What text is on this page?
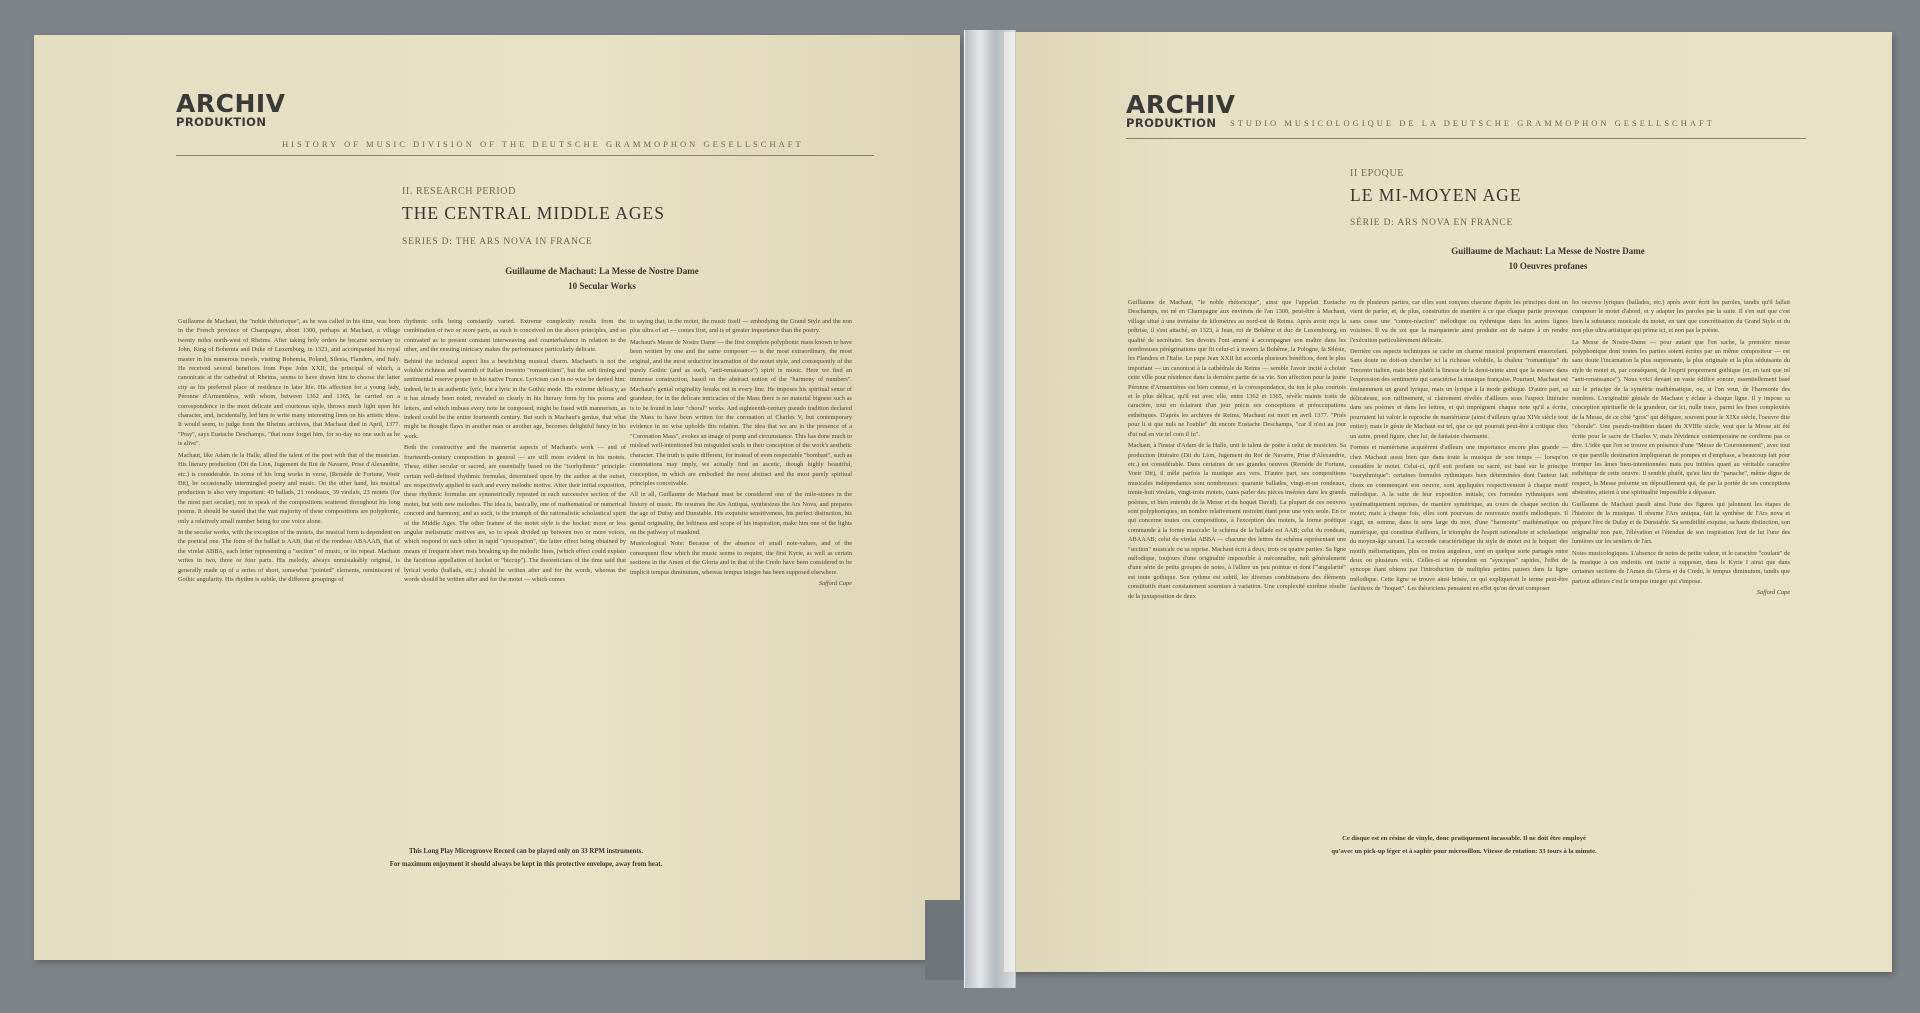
ARCHIV
PRODUKTION
HISTORY OF MUSIC DIVISION OF THE DEUTSCHE GRAMMOPHON GESELLSCHAFT
II. RESEARCH PERIOD
THE CENTRAL MIDDLE AGES
SERIES D: THE ARS NOVA IN FRANCE
Guillaume de Machaut: La Messe de Nostre Dame
10 Secular Works

Guillaume de Machaut, the "noble rhétoricque", as he was called in his time, was born in the French province of Champagne, about 1300, perhaps at Machaut, a village twenty miles north-west of Rheims. After taking holy orders he became secretary to John, King of Bohemia and Duke of Luxemburg, in 1323, and accompanied his royal master in his numerous travels, visiting Bohemia, Poland, Silesia, Flanders, and Italy. He received several benefices from Pope John XXII, the principal of which, a canonicate at the cathedral of Rheims, seems to have drawn him to choose the latter city as his preferred place of residence in later life. His affection for a young lady, Péronne d'Armentières, with whom, between 1362 and 1365, he carried on a correspondence in the most delicate and courteous style, throws much light upon his character, and, incidentally, led him to write many interesting lines on his artistic ideas. It would seem, to judge from the Rheims archives, that Machaut died in April, 1377. "Pray", says Eustache Deschamps, "that none forget him, for so-day no one such as he is alive".

Machaut, like Adam de la Halle, allied the talent of the poet with that of the musician. His literary production (Dit du Lion, Jugement du Roi de Navarre, Prise d'Alexandrie, etc.) is considerable. In some of his long works in verse, (Remède de Fortune, Voeir Dit), he occasionally intermingled poetry and music. On the other hand, his musical production is also very important: 40 ballads, 21 rondeaux, 39 virelais, 23 motets (for the most part secular), not to speak of the compositions scattered throughout his long poems. It should be stated that the vast majority of these compositions are polyphonic, only a relatively small number being for one voice alone.

In the secular works, with the exception of the motets, the musical form is dependent on the poetical one. The form of the ballad is AAB, that of the rondeau ABAAAB, that of the virelai ABBA, each letter representing a "section" of music, or its repeat. Machaut writes in two, three or four parts. His melody, always unmistakably original, is generally made up of a series of short, somewhat "pointed" elements, reminiscent of Gothic angularity. His rhythm is subtle, the different groupings of

rhythmic cells being constantly varied. Extreme complexity results from the combination of two or more parts, as each is conceived on the above principles, and so contrasted as to present constant interweaving and counterbalance in relation to the other, and the ensuing intricacy makes the performance particularly delicate.

Behind the technical aspect lies a bewitching musical charm. Machaut's is not the voluble richness and warmth of Italian trecento "romanticism", but the soft timing and sentimental reserve proper to his native France. Lyricism can in no wise be denied him: indeed, he is an authentic lyric, but a lyric in the Gothic mode. His extreme delicacy, as it has already been noted, revealed so clearly in his literary form by his poems and letters, and which imbues every note he composed, might be fused with mannerism, as indeed could be the entire fourteenth century. But such is Machaut's genius, that what might be thought flaws in another man or another age, becomes delightful fancy in his work.

Both the constructive and the mannerist aspects of Machaut's work — and of fourteenth-century composition in general — are still more evident in his motets. These, either secular or sacred, are essentially based on the "isorhythmic" principle: certain well-defined rhythmic formulas, determined upon by the author at the outset, are respectively applied to each and every melodic motive. After their initial exposition, these rhythmic formulas are symmetrically repeated in each successive section of the motet, but with new melodies. The idea is, basically, one of mathematical or numerical concord and harmony, and as such, is the triumph of the rationalistic scholastical spirit of the Middle Ages. The other feature of the motet style is the hocket: more or less angular melismatic motives are, so to speak divided up between two or more voices, which respond to each other in rapid "syncopation", the latter effect being obtained by means of frequent short rests breaking up the melodic lines, (which effect could explain the facetious appellation of hocket or "hiccup"). The theoreticians of the time said that lyrical works (ballads, etc.) should be written after and for the words, whereas the words should be written after and for the motet — which comes

to saying that, in the motet, the music itself — embodying the Grand Style and the non plus ultra of art — comes first, and is of greater importance than the poetry.

Machaut's Messe de Nostre Dame — the first complete polyphonic mass known to have been written by one and the same composer — is the most extraordinary, the most original, and the most seductive incarnation of the motet style, and consequently of the purely Gothic (and as such, "anti-renaissance") spirit in music. Here we find an immense construction, based on the abstract notion of the "harmony of numbers". Machaut's genial originality breaks out in every line. He imposes his spiritual sense of grandeur, for in the delicate intricacies of the Mass there is no material bigness such as is to be found in later "choral" works. And eighteenth-century pseudo tradition declared the Mass to have been written for the coronation of Charles V, but contemporary evidence in no wise upholds this relation. The idea that we are in the presence of a "Coronation Mass", evokes an image of pomp and circumstance. This has done much to mislead well-intentioned but misguided souls in their conception of the work's aesthetic character. The truth is quite different, for instead of even respectable "bombast", such as connotations may imply, we actually find an ascetic, though highly beautiful, conception, in which are embodied the most abstract and the most purely spiritual principles conceivable.

All in all, Guillaume de Machaut must be considered one of the mile-stones in the history of music. He resumes the Ars Antiqua, synthesizes the Ars Nova, and prepares the age of Dufay and Dunstable. His exquisite sensitiveness, his perfect distinction, his genial originality, the loftiness and scope of his inspiration, make him one of the lights on the pathway of mankind.

Musicological Note: Because of the absence of small note-values, and of the consequent flow which the music seems to require, the first Kyrie, as well as certain sections in the Amen of the Gloria and in that of the Credo have been considered to be implicit tempus diminutum, whereas tempus integer has been supposed elsewhere.

Safford Cape
This Long Play Microgroove Record can be played only on 33 RPM instruments.
For maximum enjoyment it should always be kept in this protective envelope, away from heat.
ARCHIV
PRODUKTION	STUDIO MUSICOLOGIQUE DE LA DEUTSCHE GRAMMOPHON GESELLSCHAFT
II EPOQUE
LE MI-MOYEN AGE
SÉRIE D: ARS NOVA EN FRANCE
Guillaume de Machaut: La Messe de Nostre Dame
10 Oeuvres profanes

Guillaume de Machaut, "le noble rhétoricque", ainsi que l'appelait Eustache Deschamps, est né en Champagne aux environs de l'an 1300, peut-être à Machaut, village situé à une trentaine de kilomètres au nord-est de Reims. Après avoir reçu la prêtrise, il s'est attaché, en 1323, à Jean, roi de Bohême et duc de Luxembourg, en qualité de secrétaire. Ses devoirs l'ont amené à accompagner son maître dans les nombreuses pérégrinations que fit celui-ci à travers la Bohême, la Pologne, la Silésie, les Flandres et l'Italie. Le pape Jean XXII lui accorda plusieurs bénéfices, dont le plus important — un canonicat à la cathédrale de Reims — semble l'avoir incité à choisir cette ville pour résidence dans la dernière partie de sa vie. Son affection pour la jeune Péronne d'Armentières est bien connue, et la correspondance, du ton le plus courtois et le plus délicat, qu'il eut avec elle, entre 1362 et 1365, révèle maints traits de caractère, tout en éclairant d'un jour précis ses conceptions et préoccupations esthétiques. D'après les archives de Reims, Machaut est mort en avril 1377. "Priés pour li si que nuls ne l'oublie" dit encore Eustache Deschamps, "car il n'est au jour d'ui nul en vie tel com il fu".

Machaut, à l'instar d'Adam de la Halle, unit le talent de poète à celui de musicien. Sa production littéraire (Dit du Lion, Jugement du Roi de Navarre, Prise d'Alexandrie, etc.) est considérable. Dans certaines de ses grandes oeuvres (Remède de Fortune, Voeir Dit), il mêle parfois la musique aux vers. D'autre part, ses compositions musicales indépendantes sont nombreuses: quarante ballades, vingt-et-un rondeaux, trente-huit virelais, vingt-trois motets, (sans parler des pièces insérées dans les grands poèmes, et bien entendu de la Messe et du hoquet David). La plupart de ces oeuvres sont polyphoniques, un nombre relativement restreint étant pour une voix seule. En ce qui concerne toutes ces compositions, à l'exception des motets, la forme poétique commande à la forme musicale: le schéma de la ballade est AAB; celui du rondeau, ABAAAB; celui du virelai ABBA — chacune des lettres du schéma représentant une "section" musicale ou sa reprise. Machaut écrit à deux, trois ou quatre parties. Sa ligne mélodique, toujours d'une originalité impossible à méconnaître, naît généralement d'une série de petits groupes de notes, à l'allure un peu pointue et dont l'"angularité" est toute gothique. Son rythme est subtil, les diverses combinaisons des éléments constitutifs étant constamment soumises à variation. Une complexité extrême résulte de la juxtaposition de deux

ou de plusieurs parties, car elles sont conçues chacune d'après les principes dont on vient de parler, et, de plus, construites de manière à ce que chaque partie provoque sans cesse une "contre-réaction" mélodique ou rythmique dans les autres lignes voisines. Il va de soi que la marqueterie ainsi produite est de nature à en rendre l'exécution particulièrement délicate.

Derrière ces aspects techniques se cache un charme musical proprement ensorcelant. Sans doute ne doit-on chercher ici la richesse volubile, la chaleur "romantique" du Trecento italien, mais bien plutôt la finesse de la demi-teinte ainsi que la mesure dans l'expression des sentiments qui caractérise la musique française. Pourtant, Machaut est éminemment un grand lyrique, mais un lyrique à la mode gothique. D'autre part, sa délicatesse, son raffinement, si clairement révélés d'ailleurs sous l'aspect littéraire dans ses poèmes et dans les lettres, et qui imprègnent chaque note qu'il a écrite, pourraient lui valoir le reproche de maniérisme (ainsi d'ailleurs qu'au XIVe siècle tout entier); mais le génie de Machaut est tel, que ce qui pourrait peut-être à critique chez un autre, prend figure, chez lui, de fantaisie charmante.

Formes et maniérisme acquièrent d'ailleurs une importance encore plus grande — chez Machaut aussi bien que dans toute la musique de son temps — lorsqu'on considère le motet. Celui-ci, qu'il soit profane ou sacré, est basé sur le principe "isorythmique": certaines formules rythmiques bien déterminées dont l'auteur fait choix en commençant son oeuvre, sont appliquées respectivement à chaque motif mélodique. A la suite de leur exposition initiale, ces formules rythmiques sont systématiquement reprises, de manière symétrique, au cours de chaque section du motet; mais à chaque fois, elles sont pourvues de nouveaux motifs mélodiques. Il s'agit, en somme, dans le sens large du mot, d'une "harmonie" mathématique ou numérique, qui constitue d'ailleurs, le triomphe de l'esprit rationaliste et scholastique du moyen-âge savant. La seconde caractéristique du style de motet est le hoquet: des motifs mélismatiques, plus ou moins anguleux, sont en quelque sorte partagés entre deux ou plusieurs voix. Celles-ci se répondent en "syncopes" rapides, l'effet de syncope étant obtenu par l'introduction de multiples petites pauses dans la ligne mélodique. Cette ligne se trouve ainsi brisée, ce qui expliquerait le terme peut-être facétieux de "hoquet". Les théoriciens pensaient en effet qu'on devait composer

les oeuvres lyriques (ballades, etc.) après avoir écrit les paroles, tandis qu'il fallait composer le motet d'abord, et y adapter les paroles par la suite. Il s'en suit que c'est bien la substance musicale du motet, en tant que concrétisation du Grand Style et du non plus ultra artistique qui prime ici, et non pas la poésie.

La Messe de Nostre-Dame — pour autant que l'on sache, la première messe polyphonique dont toutes les parties soient écrites par un même compositeur — est sans doute l'incarnation la plus surprenante, la plus originale et la plus séduisante du style de motet et, par conséquent, de l'esprit proprement gothique (et, en tant que tel "anti-renaissance"). Nous voici devant un vaste édifice sonore, essentiellement basé sur le principe de la symétrie mathématique, ou, si l'on veut, de l'harmonie des nombres. L'originalité géniale de Machaut y éclate à chaque ligne. Il y impose sa conception spirituelle de la grandeur, car ici, nulle trace, parmi les fines complexités de la Messe, de ce côté "gros" qui défigure, souvent pour le XIXe siècle, l'oeuvre dite "chorale". Une pseudo-tradition datant du XVIIIe siècle, veut que la Messe ait été écrite pour le sacre de Charles V, mais l'évidence contemporaine ne confirme pas ce dire. L'idée que l'on se trouve en présence d'une "Messe de Couronnement", avec tout ce que pareille destination impliquerait de pompes et d'emphase, a beaucoup fait pour tromper les âmes bien-intentionnées mais peu initiées quant au véritable caractère esthétique de cette oeuvre. Il semble plutôt, qu'au lieu de "panache", même digne de respect, la Messe présente un dépouillement qui, de par la portée de ses conceptions abstraites, atteint à une spiritualité impossible à dépasser.

Guillaume de Machaut paraît ainsi l'une des figures qui jalonnent les étapes de l'histoire de la musique. Il résume l'Ars antiqua, fait la synthèse de l'Ars nova et prépare l'ère de Dufay et de Dunstable. Sa sensibilité exquise, sa haute distinction, son originalité non pair, l'élévation et l'étendue de son inspiration font de lui l'une des lumières sur les sentiers de l'art.

Notes musicologiques. L'absence de notes de petite valeur, et le caractère "coulant" de la musique à ces endroits ont incité à supposer, dans le Kyrie I ainsi que dans certaines sections de l'Amen du Gloria et du Credo, le tempus diminutum, tandis que partout ailleurs c'est le tempus integer qui s'impose.

Safford Cape
Ce disque est en résine de vinyle, donc pratiquement incassable. Il ne doit être employé
qu'avec un pick-up léger et à saphir pour microsillon. Vitesse de rotation: 33 tours à la minute.
